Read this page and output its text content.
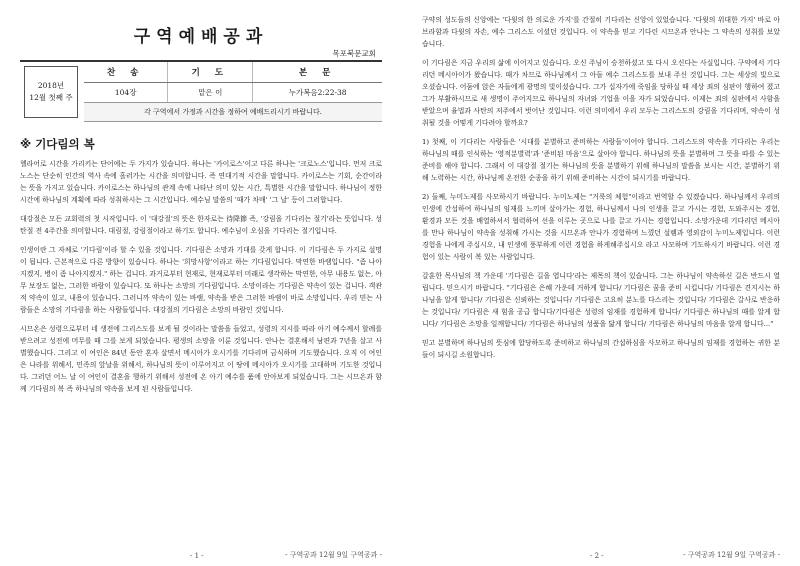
구역예배공과
목포북문교회
2018년
12월 첫째 주
찬 송	기 도	본 문
104장	맡은 이	누가복음2:22-38
각 구역에서 가정과 시간을 정하여 예배드리시기 바랍니다.		
※ 기다림의 복

헬라어로 시간을 가리키는 단어에는 두 가지가 있습니다. 하나는 '카이로스'이고 다른 하나는 '크로노스'입니다. 먼저 크로노스는 단순히 인간의 역사 속에 흘러가는 시간을 의미합니다. 즉 연대기적 시간을 말합니다. 카이로스는 기회, 순간이라는 뜻을 가지고 있습니다. 카이로스는 하나님의 관계 속에 나타난 의미 있는 시간, 특별한 시간을 말합니다. 하나님이 정한 시간에 하나님의 계획에 따라 성취하시는 그 시간입니다. 예수님 말씀의 '때가 차매' '그 날' 등이 그러합니다.

대강절은 모든 교회력의 첫 시작입니다. 이 '대강절'의 뜻은 한자로는 待降節 즉, '강림을 기다리는 절기'라는 뜻입니다. 성탄절 전 4주간을 의미합니다. 대림절, 강림절이라고 하기도 합니다. 예수님이 오심을 기다리는 절기입니다.

인생이란 그 자체로 '기다림'이라 할 수 있을 것입니다. 기다림은 소망과 기대를 갖게 합니다. 이 기다림은 두 가지로 설명이 됩니다. 근본적으로 다른 방향이 있습니다. 하나는 '희망사항'이라고 하는 기다림입니다. 막연한 바램입니다. "좀 나아지겠지, 병이 좀 나아지겠지." 하는 겁니다. 과거로부터 현재로, 현재로부터 미래로 생각하는 막연한, 아무 내용도 없는, 아무 보장도 없는, 그러한 바람이 있습니다. 또 하나는 소망의 기다림입니다. 소망이라는 기다림은 약속이 있는 겁니다. 객관적 약속이 있고, 내용이 있습니다. 그러니까 약속이 있는 바램, 약속을 받은 그러한 바램이 바로 소망입니다. 우리 믿는 사람들은 소망의 기다림을 하는 사람들입니다. 대강절의 기다림은 소망의 바람인 것입니다.

시므온은 성령으로부터 네 생전에 그리스도를 보게 될 것이라는 말씀을 들었고, 성령의 지시를 따라 아기 예수께서 할례를 받으려고 성전에 머무를 때 그를 보게 되었습니다. 평생의 소망을 이룬 것입니다. 안나는 결혼해서 남편과 7년을 살고 사별했습니다. 그리고 이 여인은 84년 동안 혼자 살면서 메시아가 오시기를 기다리며 금식하며 기도했습니다. 오직 이 여인은 나라를 위해서, 민족의 앞날을 위해서, 하나님의 뜻이 이루어지고 이 땅에 메시아가 오시기를 고대하며 기도한 것입니다. 그러던 어느 날 이 여인이 결혼을 행하기 위해서 성전에 온 아기 예수를 품에 안아보게 되었습니다. 그는 시므온과 함께 기다림의 복 즉 하나님의 약속을 보게 된 사람들입니다.

- 1 -	- 구역공과 12월 9일 구역공과 -

구약의 성도들의 신앙에는 '다윗의 한 의로운 가지'를 간절히 기다리는 신앙이 있었습니다. '다윗의 위대한 가지' 바로 아브라함과 다윗의 자손, 예수 그리스도 이셨던 것입니다. 이 약속을 믿고 기다린 시므온과 안나는 그 약속의 성취를 보았습니다.

이 기다림은 지금 우리의 삶에 이어지고 있습니다. 오신 주님이 승천하셨고 또 다시 오신다는 사실입니다. 구약에서 기다리던 메시아이가 왔습니다. 때가 차므로 하나님께서 그 아들 예수 그리스도를 보내 주신 것입니다. 그는 세상의 빛으로 오셨습니다. 어둠에 앉은 자들에게 광명의 빛이셨습니다. 그가 십자가에 죽임을 당하실 때 세상 죄의 심판이 행하여 졌고 그가 부활하시므로 새 생명이 주어지므로 하나님의 자녀와 기업을 이을 자가 되었습니다. 이제는 죄의 심판에서 사함을 받았으며 율법과 사탄의 저주에서 벗어난 것입니다. 이런 의미에서 우리 모두는 그리스도의 강림을 기다리며, 약속이 성취될 것을 어떻게 기다려야 할까요?

1) 첫째, 이 기다리는 사람들은 '시대를 분별하고 준비하는 사람들'이어야 합니다. 그리스도의 약속을 기다리는 우리는 하나님의 때를 인식하는 '영적분별력'과 '준비된 마음'으로 살아야 합니다. 하나님의 뜻을 분별하며 그 뜻을 따를 수 있는 준비를 해야 합니다. 그래서 이 대강절 절기는 하나님의 뜻을 분별하기 위해 하나님의 말씀을 보시는 시간, 분별하기 위해 노력하는 시간, 하나님께 온전한 순종을 하기 위해 준비하는 시간이 되시기를 바랍니다.

2) 둘째, 누미노제를 사모하시기 바랍니다. 누미노제는 "거룩의 체험"이라고 번역할 수 있겠습니다. 하나님께서 우리의 인생에 간섭하여 하나님의 임재를 느끼며 살아가는 경험, 하나님께서 나의 인생을 끌고 가시는 경험, 도와주시는 경험, 환경과 모든 것을 배열하셔서 협력하여 선을 이루는 곳으로 나를 끌고 가시는 경험입니다. 소망가운데 기다리던 메시아를 만나 하나님이 약속을 성취해 가시는 것을 시므온과 안나가 경험하며 느꼈던 설렘과 영외감이 누미노제입니다. 이런 경험을 나에게 주십시오, 내 인생에 풍부하게 이런 경험을 하게해주십시오 라고 사모하며 기도하시기 바랍니다. 이런 경험이 있는 사람이 복 있는 사람입니다.

갈훈한 목사님의 책 가운데 '기다림은 길을 엽니다'라는 제목의 책이 있습니다. 그는 하나님이 약속하신 길은 반드시 열립니다. 믿으시기 바랍니다. "기다림은 은혜 가운데 거하게 합니다/ 기다림은 꿈을 준비 시킵니다/ 기다림은 견지시는 하나님을 알게 합니다/ 기다림은 신뢰하는 것입니다/ 기다림은 고요히 분노를 다스리는 것입니다/ 기다림은 갈사로 반응하는 것입니다/ 기다림은 새 힘을 공급 합니다/기다림은 성령의 임재를 경험하게 합니다/ 기다림은 하나님의 때를 알게 합니다/ 기다림은 소망을 일깨합니다/ 기다림은 하나님의 성품을 닮게 합니다/ 기다림은 하나님의 마음을 알게 합니다..."

믿고 분별하며 하나님의 뜻심에 합당하도록 준비하고 하나님의 간섭하심을 사모하고 하나님의 임재를 경험하는 귀한 분들이 되시길 소원합니다.

- 2 -	- 구역공과 12월 9일 구역공과 -
